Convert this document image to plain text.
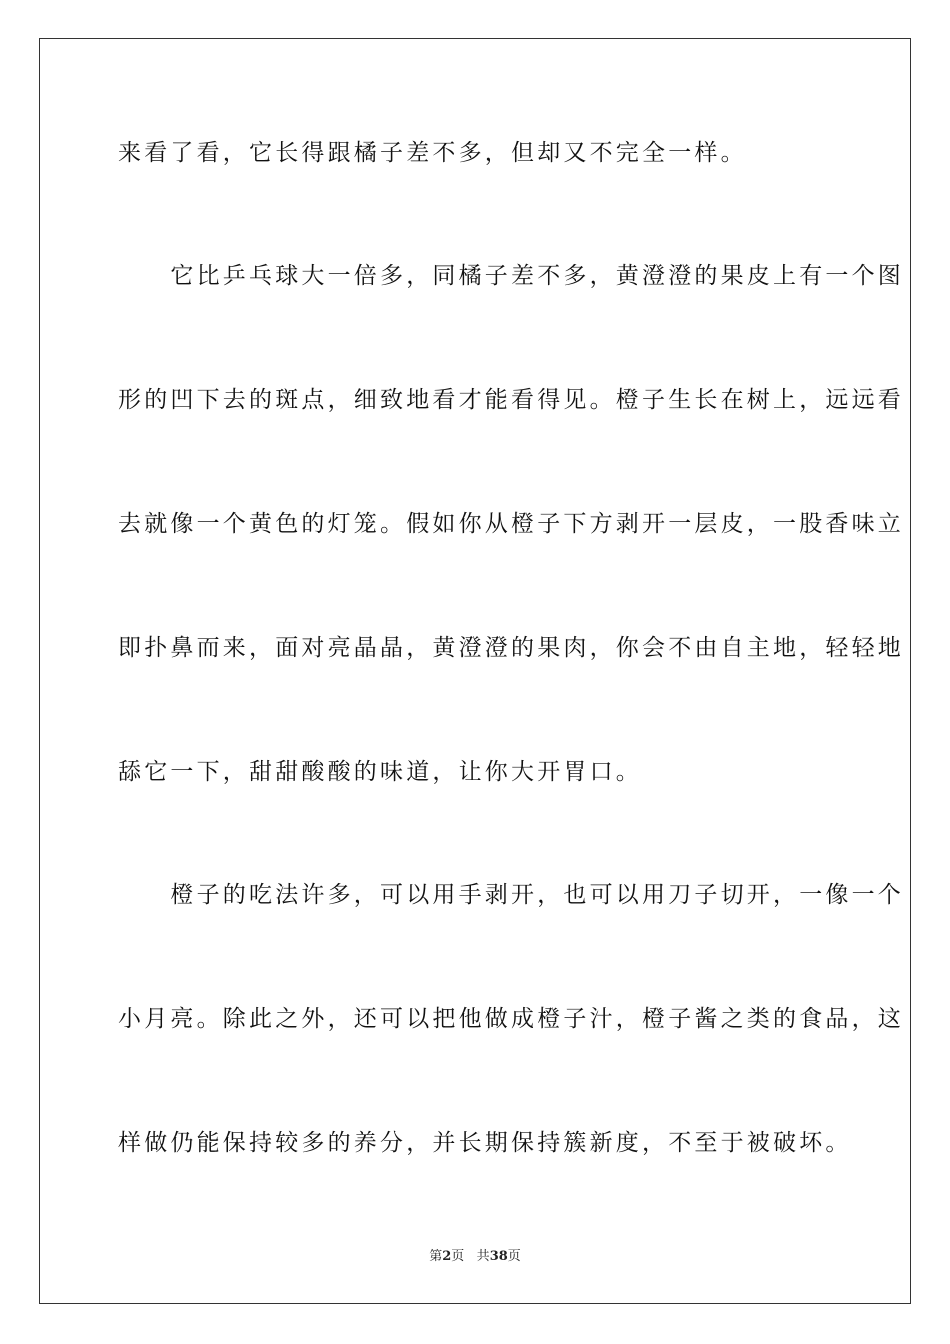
来看了看，它长得跟橘子差不多，但却又不完全一样。
　　它比乒乓球大一倍多，同橘子差不多，黄澄澄的果皮上有一个图
形的凹下去的斑点，细致地看才能看得见。橙子生长在树上，远远看
去就像一个黄色的灯笼。假如你从橙子下方剥开一层皮，一股香味立
即扑鼻而来，面对亮晶晶，黄澄澄的果肉，你会不由自主地，轻轻地
舔它一下，甜甜酸酸的味道，让你大开胃口。
　　橙子的吃法许多，可以用手剥开，也可以用刀子切开，一像一个
小月亮。除此之外，还可以把他做成橙子汁，橙子酱之类的食品，这
样做仍能保持较多的养分，并长期保持簇新度，不至于被破坏。
第2页 共38页
